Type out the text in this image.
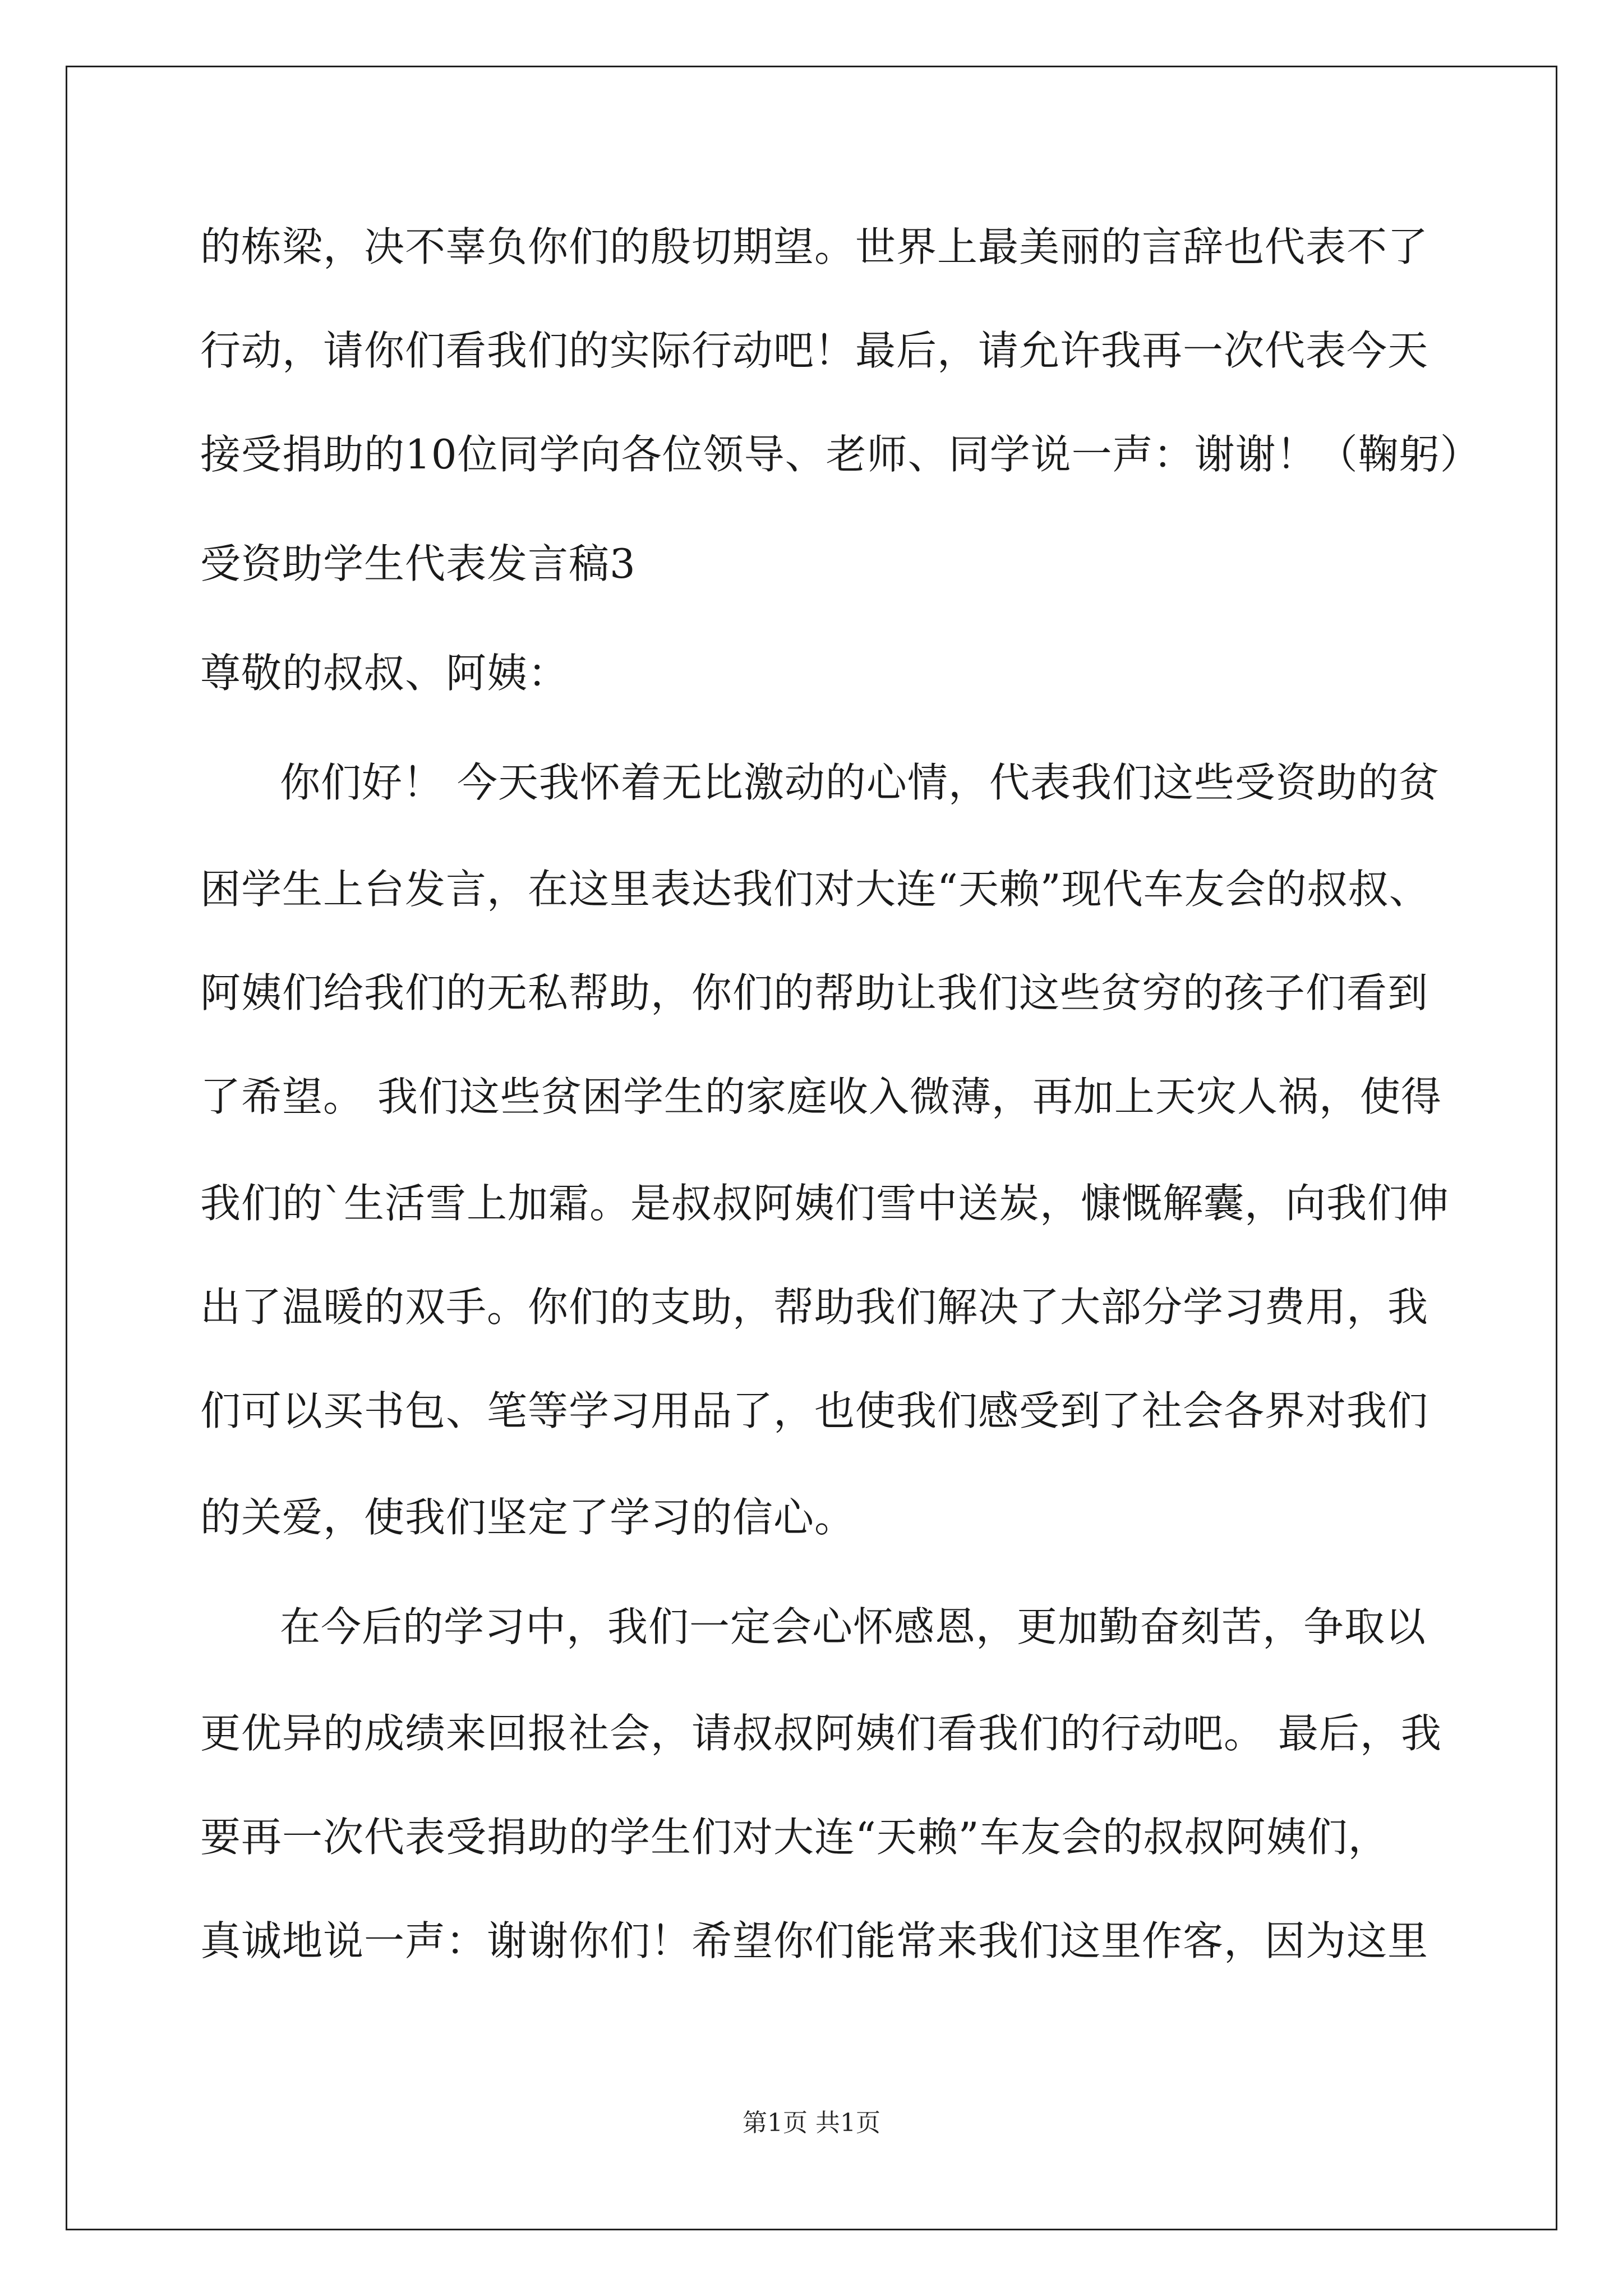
的栋梁，决不辜负你们的殷切期望。世界上最美丽的言辞也代表不了
行动，请你们看我们的实际行动吧！最后，请允许我再一次代表今天
接受捐助的10位同学向各位领导、老师、同学说一声：谢谢！（鞠躬）
受资助学生代表发言稿3
尊敬的叔叔、阿姨：
你们好！ 今天我怀着无比激动的心情，代表我们这些受资助的贫
困学生上台发言，在这里表达我们对大连“天赖”现代车友会的叔叔、
阿姨们给我们的无私帮助，你们的帮助让我们这些贫穷的孩子们看到
了希望。 我们这些贫困学生的家庭收入微薄，再加上天灾人祸，使得
我们的`生活雪上加霜。是叔叔阿姨们雪中送炭，慷慨解囊，向我们伸
出了温暖的双手。你们的支助，帮助我们解决了大部分学习费用，我
们可以买书包、笔等学习用品了，也使我们感受到了社会各界对我们
的关爱，使我们坚定了学习的信心。
在今后的学习中，我们一定会心怀感恩，更加勤奋刻苦，争取以
更优异的成绩来回报社会，请叔叔阿姨们看我们的行动吧。 最后，我
要再一次代表受捐助的学生们对大连“天赖”车友会的叔叔阿姨们，
真诚地说一声：谢谢你们！希望你们能常来我们这里作客，因为这里
第1页 共1页
